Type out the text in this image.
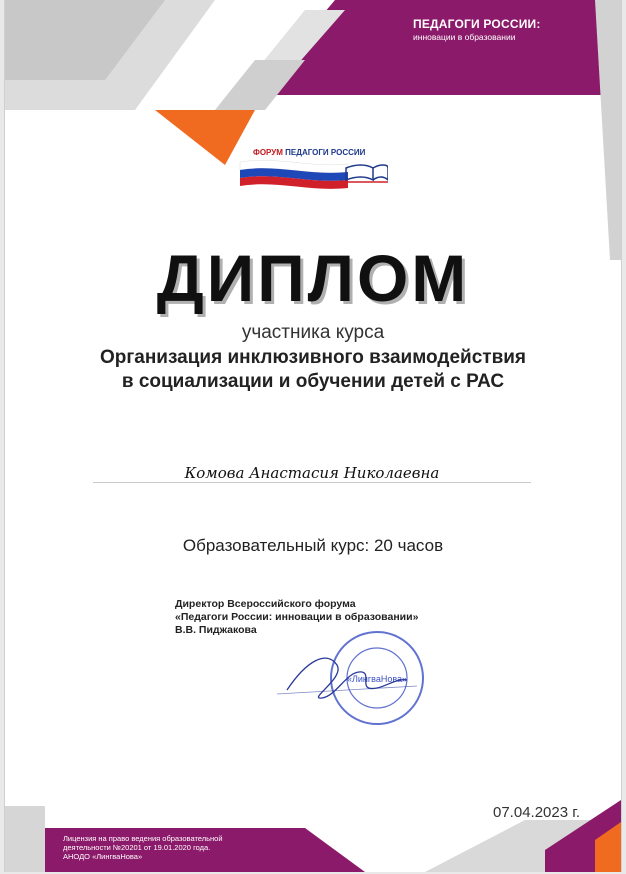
ПЕДАГОГИ РОССИИ:
инновации в образовании
ФОРУМ ПЕДАГОГИ РОССИИ
ДИПЛОМ
участника курса
Организация инклюзивного взаимодействия
в социализации и обучении детей с РАС
Комова Анастасия Николаевна
Образовательный курс: 20 часов
Директор Всероссийского форума
«Педагоги России: инновации в образовании»
В.В. Пиджакова
«ЛингваНова»
07.04.2023 г.
Лицензия на право ведения образовательной
деятельности №20201 от 19.01.2020 года.
АНОДО «ЛингваНова»
